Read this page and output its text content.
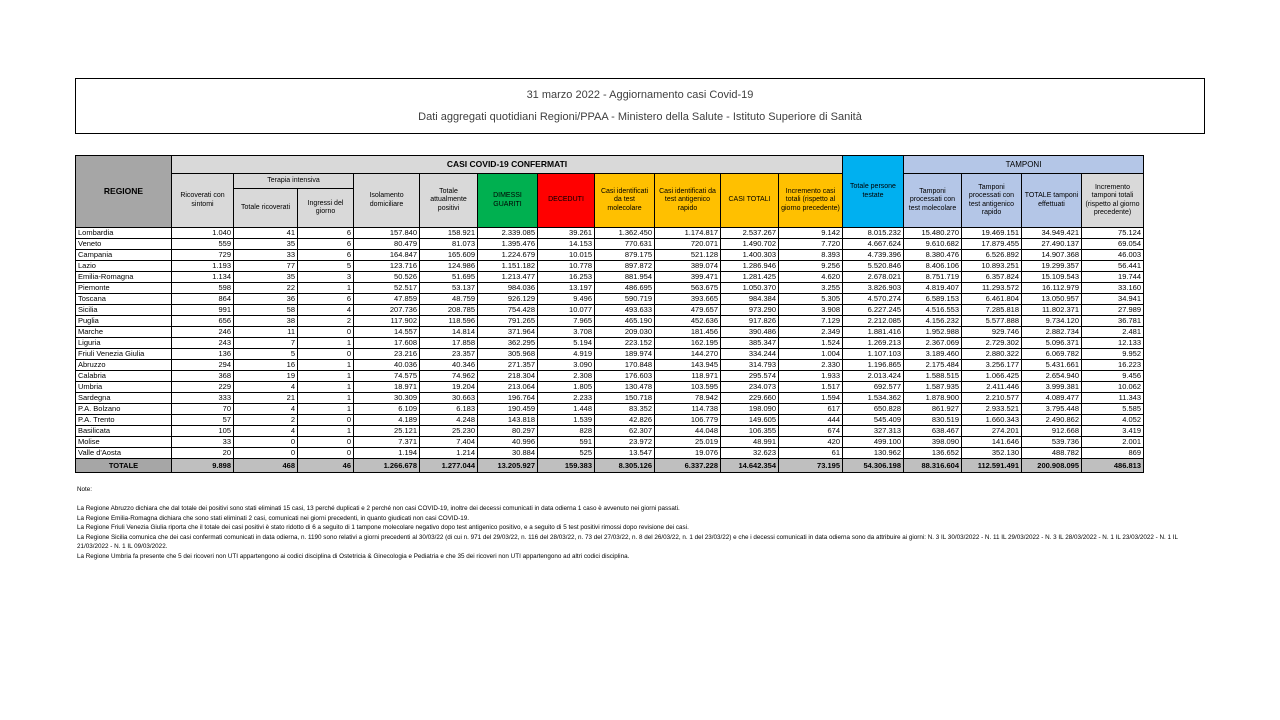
31 marzo 2022 - Aggiornamento casi Covid-19
Dati aggregati quotidiani Regioni/PPAA - Ministero della Salute - Istituto Superiore di Sanità
REGIONE	CASI COVID-19 CONFERMATI											Totale persone testate	TAMPONI			
	Ricoverati con sintomi	Terapia intensiva		Isolamento domiciliare	Totale attualmente positivi	DIMESSI GUARITI	DECEDUTI	Casi identificati da test molecolare	Casi identificati da test antigenico rapido	CASI TOTALI	Incremento casi totali (rispetto al giorno precedente)		Tamponi processati con test molecolare	Tamponi processati con test antigenico rapido	TOTALE tamponi effettuati	Incremento tamponi totali (rispetto al giorno precedente)
		Totale ricoverati	Ingressi del giorno													
Lombardia	1.040	41	6	157.840	158.921	2.339.085	39.261	1.362.450	1.174.817	2.537.267	9.142	8.015.232	15.480.270	19.469.151	34.949.421	75.124
Veneto	559	35	6	80.479	81.073	1.395.476	14.153	770.631	720.071	1.490.702	7.720	4.667.624	9.610.682	17.879.455	27.490.137	69.054
Campania	729	33	6	164.847	165.609	1.224.679	10.015	879.175	521.128	1.400.303	8.393	4.739.396	8.380.476	6.526.892	14.907.368	46.003
Lazio	1.193	77	5	123.716	124.986	1.151.182	10.778	897.872	389.074	1.286.946	9.256	5.520.846	8.406.106	10.893.251	19.299.357	56.441
Emilia-Romagna	1.134	35	3	50.526	51.695	1.213.477	16.253	881.954	399.471	1.281.425	4.620	2.678.021	8.751.719	6.357.824	15.109.543	19.744
Piemonte	598	22	1	52.517	53.137	984.036	13.197	486.695	563.675	1.050.370	3.255	3.826.903	4.819.407	11.293.572	16.112.979	33.160
Toscana	864	36	6	47.859	48.759	926.129	9.496	590.719	393.665	984.384	5.305	4.570.274	6.589.153	6.461.804	13.050.957	34.941
Sicilia	991	58	4	207.736	208.785	754.428	10.077	493.633	479.657	973.290	3.908	6.227.245	4.516.553	7.285.818	11.802.371	27.989
Puglia	656	38	2	117.902	118.596	791.265	7.965	465.190	452.636	917.826	7.129	2.212.085	4.156.232	5.577.888	9.734.120	36.781
Marche	246	11	0	14.557	14.814	371.964	3.708	209.030	181.456	390.486	2.349	1.881.416	1.952.988	929.746	2.882.734	2.481
Liguria	243	7	1	17.608	17.858	362.295	5.194	223.152	162.195	385.347	1.524	1.269.213	2.367.069	2.729.302	5.096.371	12.133
Friuli Venezia Giulia	136	5	0	23.216	23.357	305.968	4.919	189.974	144.270	334.244	1.004	1.107.103	3.189.460	2.880.322	6.069.782	9.952
Abruzzo	294	16	1	40.036	40.346	271.357	3.090	170.848	143.945	314.793	2.330	1.196.865	2.175.484	3.256.177	5.431.661	16.223
Calabria	368	19	1	74.575	74.962	218.304	2.308	176.603	118.971	295.574	1.933	2.013.424	1.588.515	1.066.425	2.654.940	9.456
Umbria	229	4	1	18.971	19.204	213.064	1.805	130.478	103.595	234.073	1.517	692.577	1.587.935	2.411.446	3.999.381	10.062
Sardegna	333	21	1	30.309	30.663	196.764	2.233	150.718	78.942	229.660	1.594	1.534.362	1.878.900	2.210.577	4.089.477	11.343
P.A. Bolzano	70	4	1	6.109	6.183	190.459	1.448	83.352	114.738	198.090	617	650.828	861.927	2.933.521	3.795.448	5.585
P.A. Trento	57	2	0	4.189	4.248	143.818	1.539	42.826	106.779	149.605	444	545.409	830.519	1.660.343	2.490.862	4.052
Basilicata	105	4	1	25.121	25.230	80.297	828	62.307	44.048	106.355	674	327.313	638.467	274.201	912.668	3.419
Molise	33	0	0	7.371	7.404	40.996	591	23.972	25.019	48.991	420	499.100	398.090	141.646	539.736	2.001
Valle d'Aosta	20	0	0	1.194	1.214	30.884	525	13.547	19.076	32.623	61	130.962	136.652	352.130	488.782	869
TOTALE	9.898	468	46	1.266.678	1.277.044	13.205.927	159.383	8.305.126	6.337.228	14.642.354	73.195	54.306.198	88.316.604	112.591.491	200.908.095	486.813
Note:
La Regione Abruzzo dichiara che dal totale dei positivi sono stati eliminati 15 casi, 13 perché duplicati e 2 perché non casi COVID-19, inoltre dei decessi comunicati in data odierna 1 caso è avvenuto nei giorni passati.
La Regione Emilia-Romagna dichiara che sono stati eliminati 2 casi, comunicati nei giorni precedenti, in quanto giudicati non casi COVID-19.
La Regione Friuli Venezia Giulia riporta che il totale dei casi positivi è stato ridotto di 6 a seguito di 1 tampone molecolare negativo dopo test antigenico positivo, e a seguito di 5 test positivi rimossi dopo revisione dei casi.
La Regione Sicilia comunica che dei casi confermati comunicati in data odierna, n. 1190 sono relativi a giorni precedenti al 30/03/22 (di cui n. 971 del 29/03/22, n. 116 del 28/03/22, n. 73 del 27/03/22, n. 8 del 26/03/22, n. 1 del 23/03/22) e che i decessi comunicati in data odierna sono da attribuire ai giorni: N. 3 IL 30/03/2022 - N. 11 IL 29/03/2022 - N. 3 IL 28/03/2022 - N. 1 IL 23/03/2022 - N. 1 IL 21/03/2022 - N. 1 IL 09/03/2022.
La Regione Umbria fa presente che 5 dei ricoveri non UTI appartengono ai codici disciplina di Ostetricia & Ginecologia e Pediatria e che 35 dei ricoveri non UTI appartengono ad altri codici disciplina.
